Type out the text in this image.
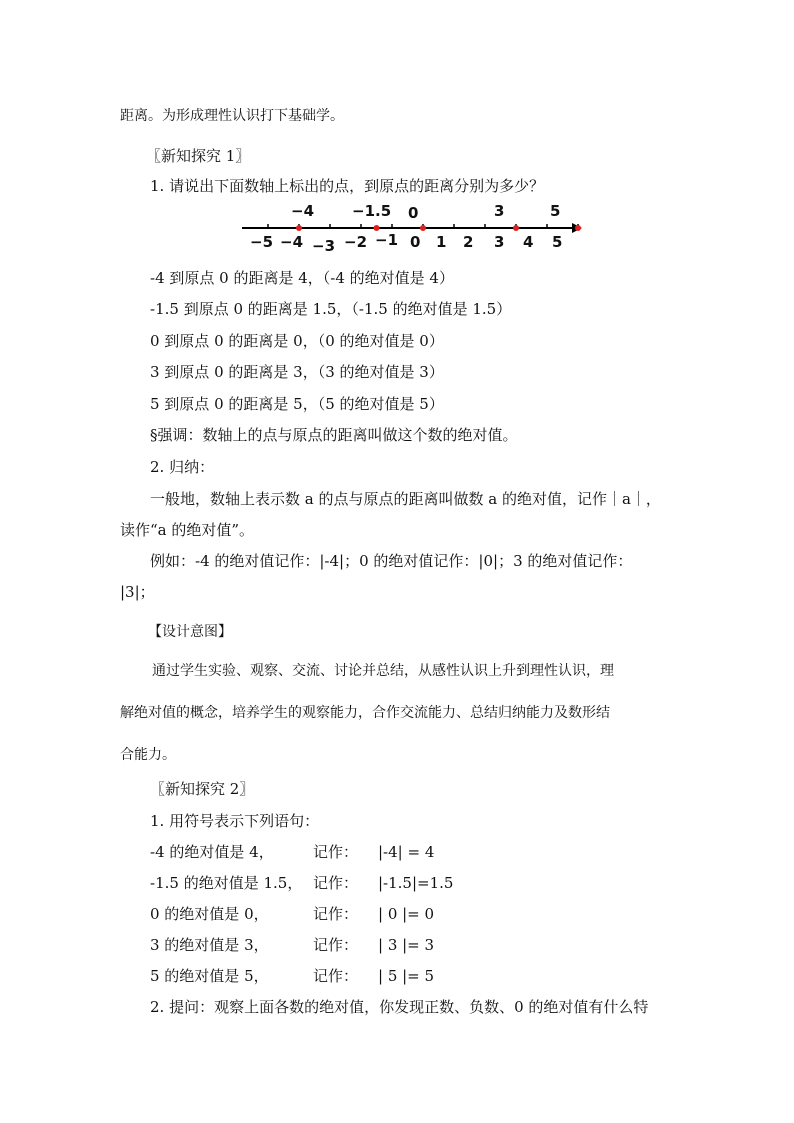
距离。为形成理性认识打下基础学。
〖新知探究 1〗
1. 请说出下面数轴上标出的点，到原点的距离分别为多少？
−4	−1.5 0	3	5
−5 −4 −3 −2 −1 0 1 2 3 4 5
-4 到原点 0 的距离是 4，（-4 的绝对值是 4）
-1.5 到原点 0 的距离是 1.5，（-1.5 的绝对值是 1.5）
0 到原点 0 的距离是 0，（0 的绝对值是 0）
3 到原点 0 的距离是 3，（3 的绝对值是 3）
5 到原点 0 的距离是 5，（5 的绝对值是 5）
§强调：数轴上的点与原点的距离叫做这个数的绝对值。
2. 归纳：
一般地，数轴上表示数 a 的点与原点的距离叫做数 a 的绝对值，记作｜a｜，
读作“a 的绝对值”。
例如：-4 的绝对值记作：|-4|；0 的绝对值记作：|0|；3 的绝对值记作：
|3|；
【设计意图】
通过学生实验、观察、交流、讨论并总结，从感性认识上升到理性认识，理
解绝对值的概念，培养学生的观察能力，合作交流能力、总结归纳能力及数形结
合能力。
〖新知探究 2〗
1. 用符号表示下列语句：
-4 的绝对值是 4，	记作： |-4| = 4
-1.5 的绝对值是 1.5， 记作： |-1.5|=1.5
0 的绝对值是 0，	记作： | 0 |= 0
3 的绝对值是 3，	记作： | 3 |= 3
5 的绝对值是 5，	记作： | 5 |= 5
2. 提问：观察上面各数的绝对值，你发现正数、负数、0 的绝对值有什么特
